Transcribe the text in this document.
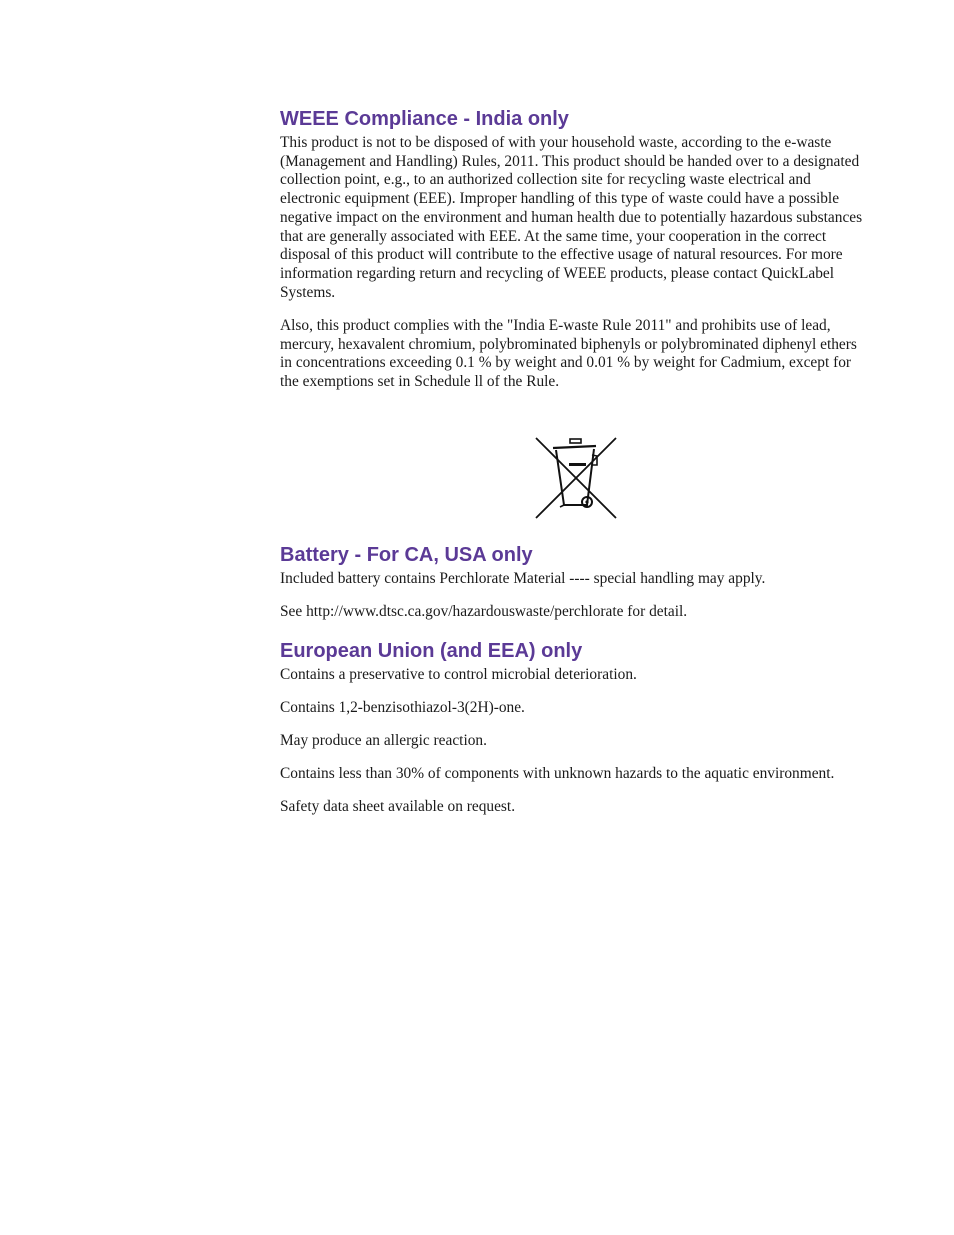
WEEE Compliance - India only

This product is not to be disposed of with your household waste, according to the e-waste (Management and Handling) Rules, 2011. This product should be handed over to a designated collection point, e.g., to an authorized collection site for recycling waste electrical and electronic equipment (EEE). Improper handling of this type of waste could have a possible negative impact on the environment and human health due to potentially hazardous substances that are generally associated with EEE. At the same time, your cooperation in the correct disposal of this product will contribute to the effective usage of natural resources. For more information regarding return and recycling of WEEE products, please contact QuickLabel Systems.

Also, this product complies with the "India E-waste Rule 2011" and prohibits use of lead, mercury, hexavalent chromium, polybrominated biphenyls or polybrominated diphenyl ethers in concentrations exceeding 0.1 % by weight and 0.01 % by weight for Cadmium, except for the exemptions set in Schedule ll of the Rule.

Battery - For CA, USA only

Included battery contains Perchlorate Material ---- special handling may apply.

See http://www.dtsc.ca.gov/hazardouswaste/perchlorate for detail.

European Union (and EEA) only

Contains a preservative to control microbial deterioration.

Contains 1,2-benzisothiazol-3(2H)-one.

May produce an allergic reaction.

Contains less than 30% of components with unknown hazards to the aquatic environment.

Safety data sheet available on request.
